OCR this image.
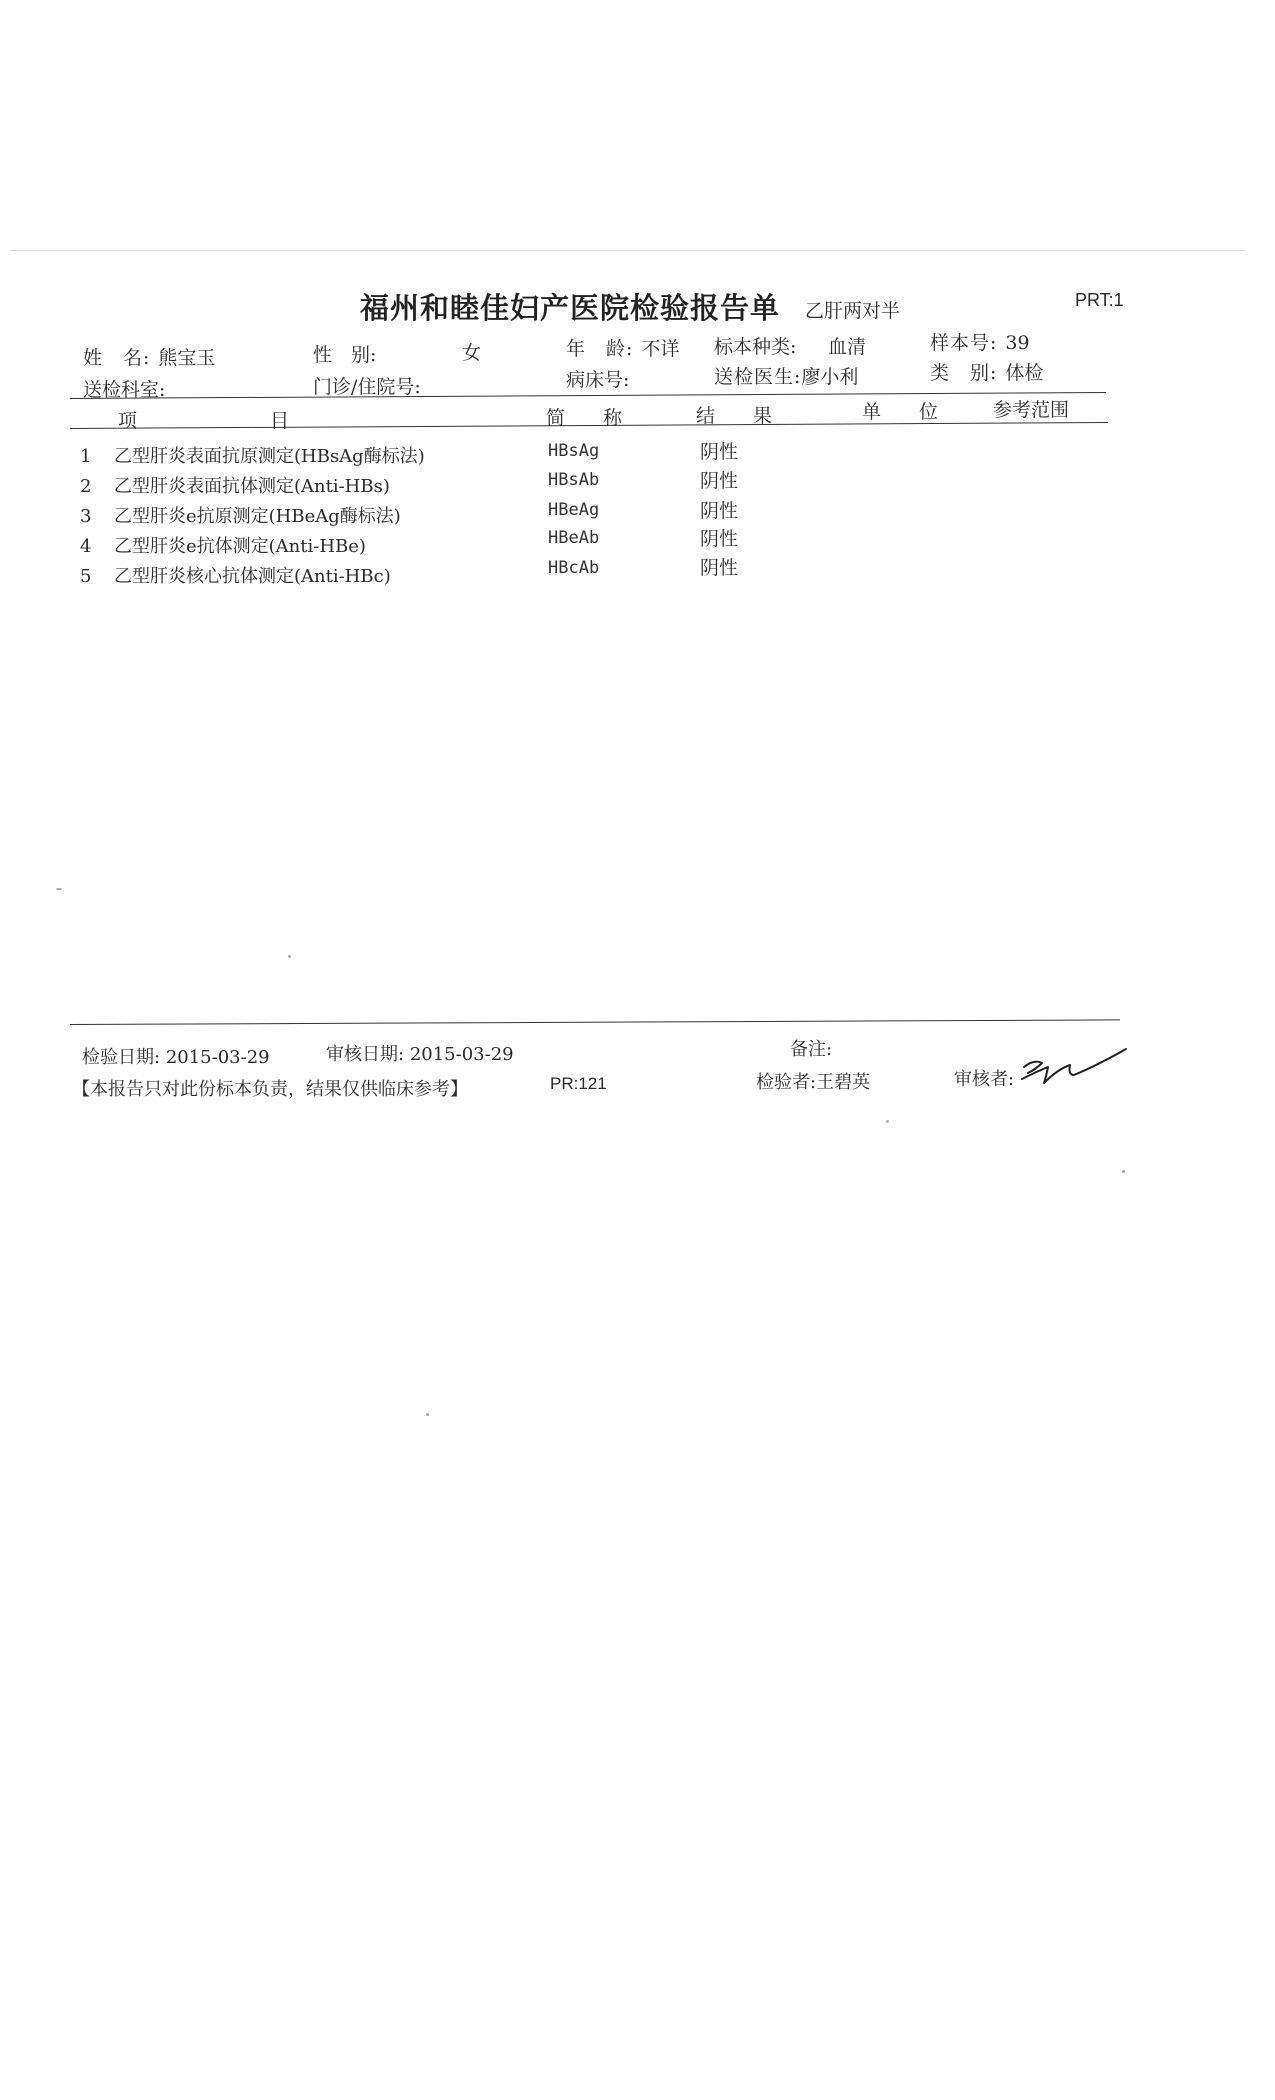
福州和睦佳妇产医院检验报告单 乙肝两对半	PRT:1
姓　名: 熊宝玉	性　别:	女	年　龄: 不详 标本种类: 血清	样本号: 39
送检科室:	门诊/住院号:	病床号:	送检医生:廖小利	类　别: 体检
项　　　　　　　目	简　　称	结　　果	单　　位	参考范围
1 乙型肝炎表面抗原测定(HBsAg酶标法)	HBsAg	阴性
2 乙型肝炎表面抗体测定(Anti-HBs)	HBsAb	阴性
3 乙型肝炎e抗原测定(HBeAg酶标法)	HBeAg	阴性
4 乙型肝炎e抗体测定(Anti-HBe)	HBeAb	阴性
5 乙型肝炎核心抗体测定(Anti-HBc)	HBcAb	阴性
检验日期: 2015-03-29	审核日期: 2015-03-29	备注:
【本报告只对此份标本负责，结果仅供临床参考】	PR:121	检验者:王碧英	审核者:
